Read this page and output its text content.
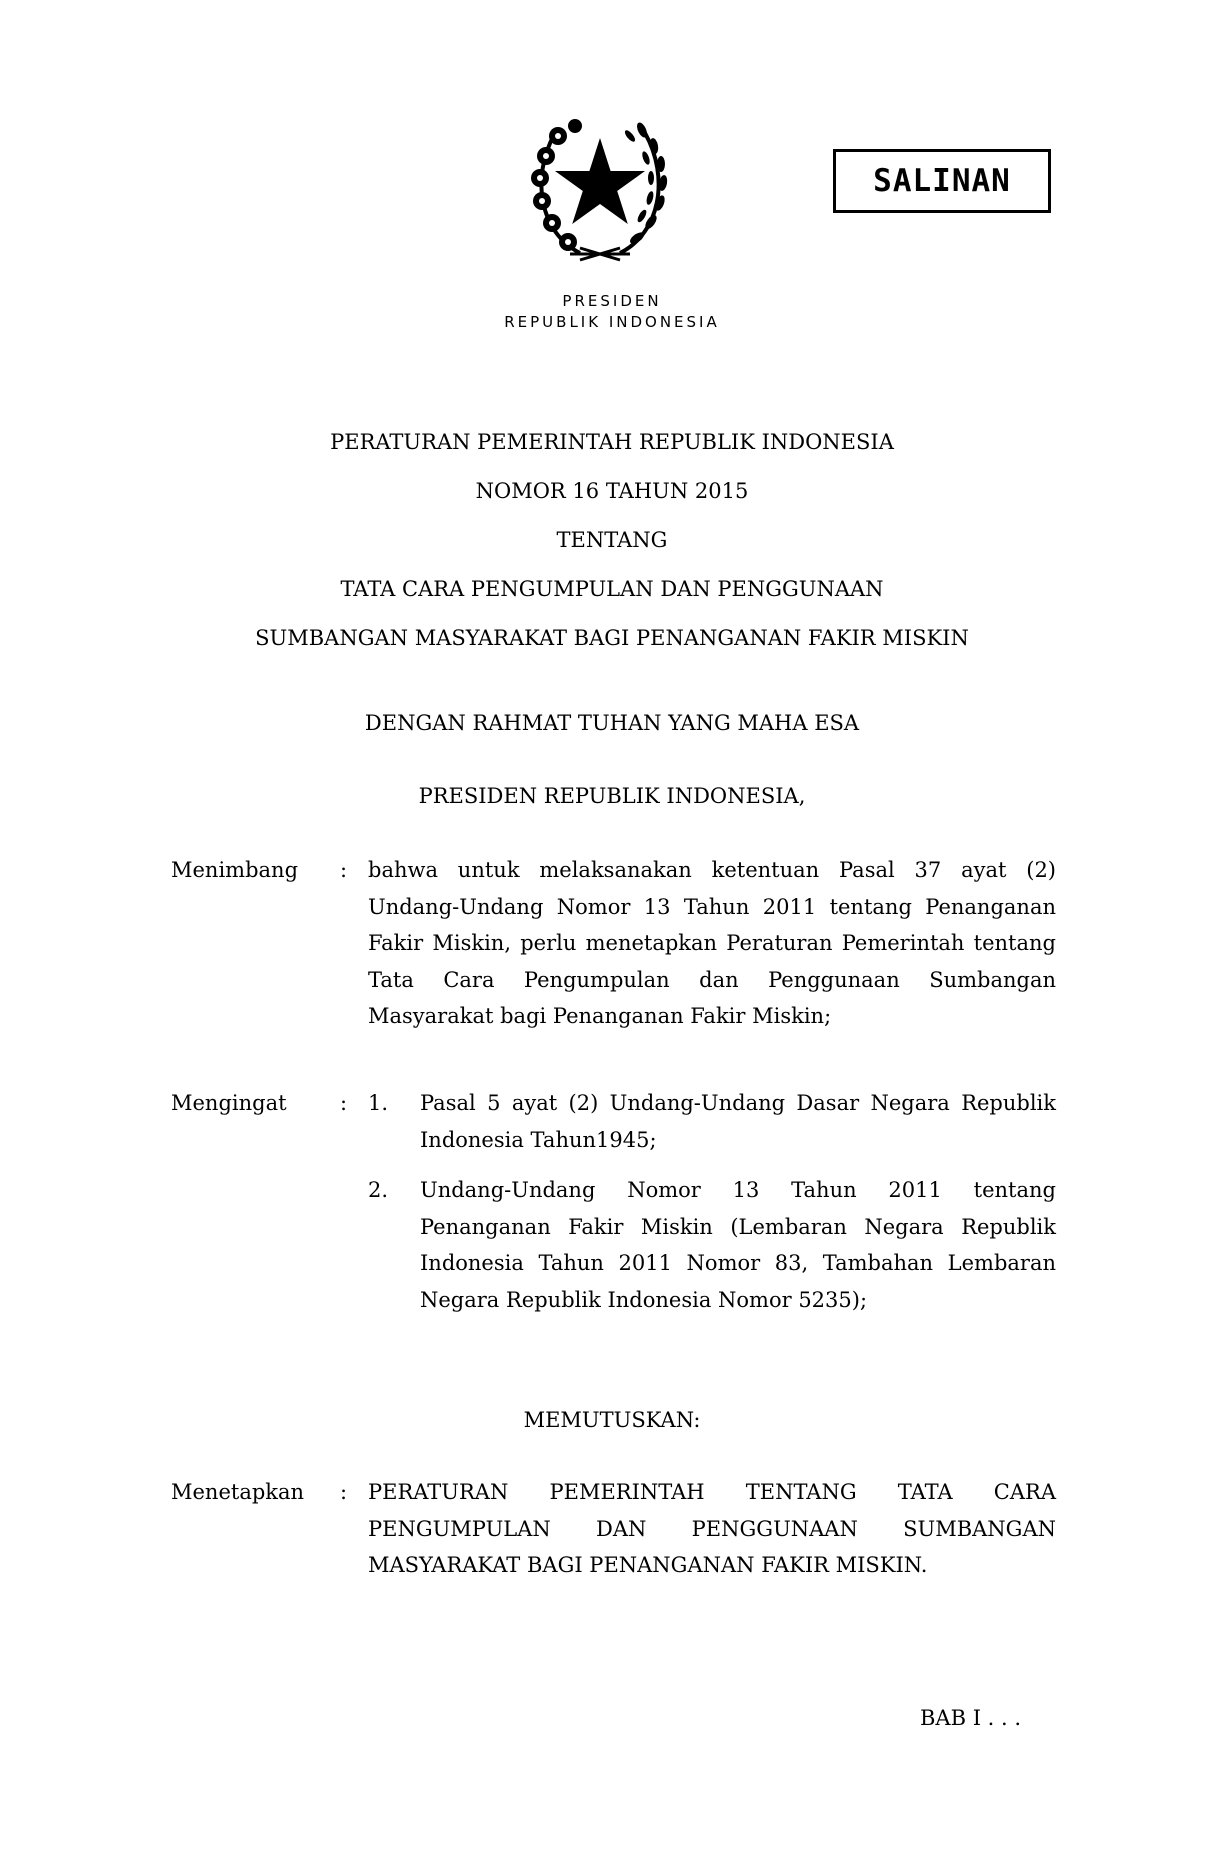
PRESIDEN
REPUBLIK INDONESIA
SALINAN
PERATURAN PEMERINTAH REPUBLIK INDONESIA
NOMOR 16 TAHUN 2015
TENTANG
TATA CARA PENGUMPULAN DAN PENGGUNAAN
SUMBANGAN MASYARAKAT BAGI PENANGANAN FAKIR MISKIN
DENGAN RAHMAT TUHAN YANG MAHA ESA
PRESIDEN REPUBLIK INDONESIA,
Menimbang : bahwa untuk melaksanakan ketentuan Pasal 37 ayat (2) Undang-Undang Nomor 13 Tahun 2011 tentang Penanganan Fakir Miskin, perlu menetapkan Peraturan Pemerintah tentang Tata Cara Pengumpulan dan Penggunaan Sumbangan Masyarakat bagi Penanganan Fakir Miskin;

Mengingat	: 1. Pasal 5 ayat (2) Undang-Undang Dasar Negara Republik Indonesia Tahun1945;

2. Undang-Undang Nomor 13 Tahun 2011 tentang Penanganan Fakir Miskin (Lembaran Negara Republik Indonesia Tahun 2011 Nomor 83, Tambahan Lembaran Negara Republik Indonesia Nomor 5235);

MEMUTUSKAN:
Menetapkan : PERATURAN PEMERINTAH TENTANG TATA CARA PENGUMPULAN DAN PENGGUNAAN SUMBANGAN MASYARAKAT BAGI PENANGANAN FAKIR MISKIN.

BAB I . . .
